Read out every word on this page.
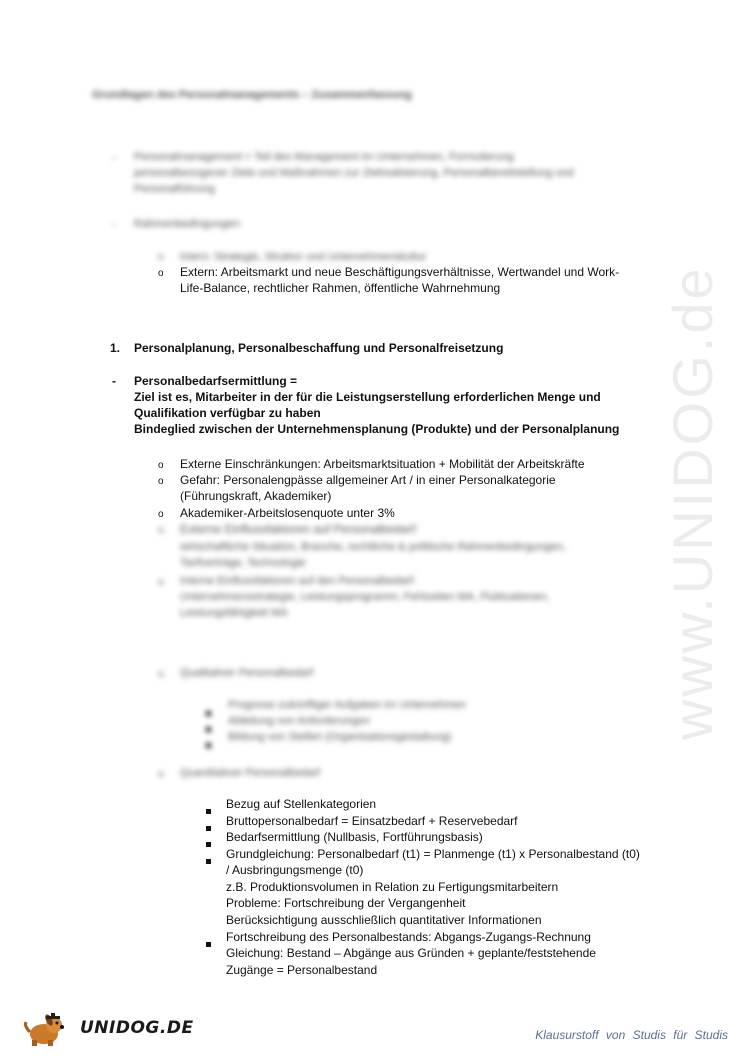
www.UNIDOG.de
Grundlagen des Personalmanagements – Zusammenfassung
- Personalmanagement = Teil des Management im Unternehmen, Formulierung
personalbezogener Ziele und Maßnahmen zur Zielrealisierung, Personalbereitstellung und
Personalführung
- Rahmenbedingungen:
o	Intern: Strategie, Struktur und Unternehmenskultur
o	Extern: Arbeitsmarkt und neue Beschäftigungsverhältnisse, Wertwandel und Work-
Life-Balance, rechtlicher Rahmen, öffentliche Wahrnehmung
1. Personalplanung, Personalbeschaffung und Personalfreisetzung
- Personalbedarfsermittlung =
Ziel ist es, Mitarbeiter in der für die Leistungserstellung erforderlichen Menge und
Qualifikation verfügbar zu haben
Bindeglied zwischen der Unternehmensplanung (Produkte) und der Personalplanung
o	Externe Einschränkungen: Arbeitsmarktsituation + Mobilität der Arbeitskräfte
o	Gefahr: Personalengpässe allgemeiner Art / in einer Personalkategorie
(Führungskraft, Akademiker)
o	Akademiker-Arbeitslosenquote unter 3%
o	Externe Einflussfaktoren auf Personalbedarf:
wirtschaftliche Situation, Branche, rechtliche & politische Rahmenbedingungen,
Tarifverträge, Technologie
o	Interne Einflussfaktoren auf den Personalbedarf:
Unternehmensstrategie, Leistungsprogramm, Fehlzeiten MA, Fluktuationen,
Leistungsfähigkeit MA
o	Qualitativer Personalbedarf
Prognose zukünftiger Aufgaben im Unternehmen
Ableitung von Anforderungen
Bildung von Stellen (Organisationsgestaltung)
o	Quantitativer Personalbedarf
Bezug auf Stellenkategorien
Bruttopersonalbedarf = Einsatzbedarf + Reservebedarf
Bedarfsermittlung (Nullbasis, Fortführungsbasis)
Grundgleichung: Personalbedarf (t1) = Planmenge (t1) x Personalbestand (t0)
/ Ausbringungsmenge (t0)
z.B. Produktionsvolumen in Relation zu Fertigungsmitarbeitern
Probleme: Fortschreibung der Vergangenheit
Berücksichtigung ausschließlich quantitativer Informationen
Fortschreibung des Personalbestands: Abgangs-Zugangs-Rechnung
Gleichung: Bestand – Abgänge aus Gründen + geplante/feststehende
Zugänge = Personalbestand
UNIDOG.DE	Klausurstoff von Studis für Studis
